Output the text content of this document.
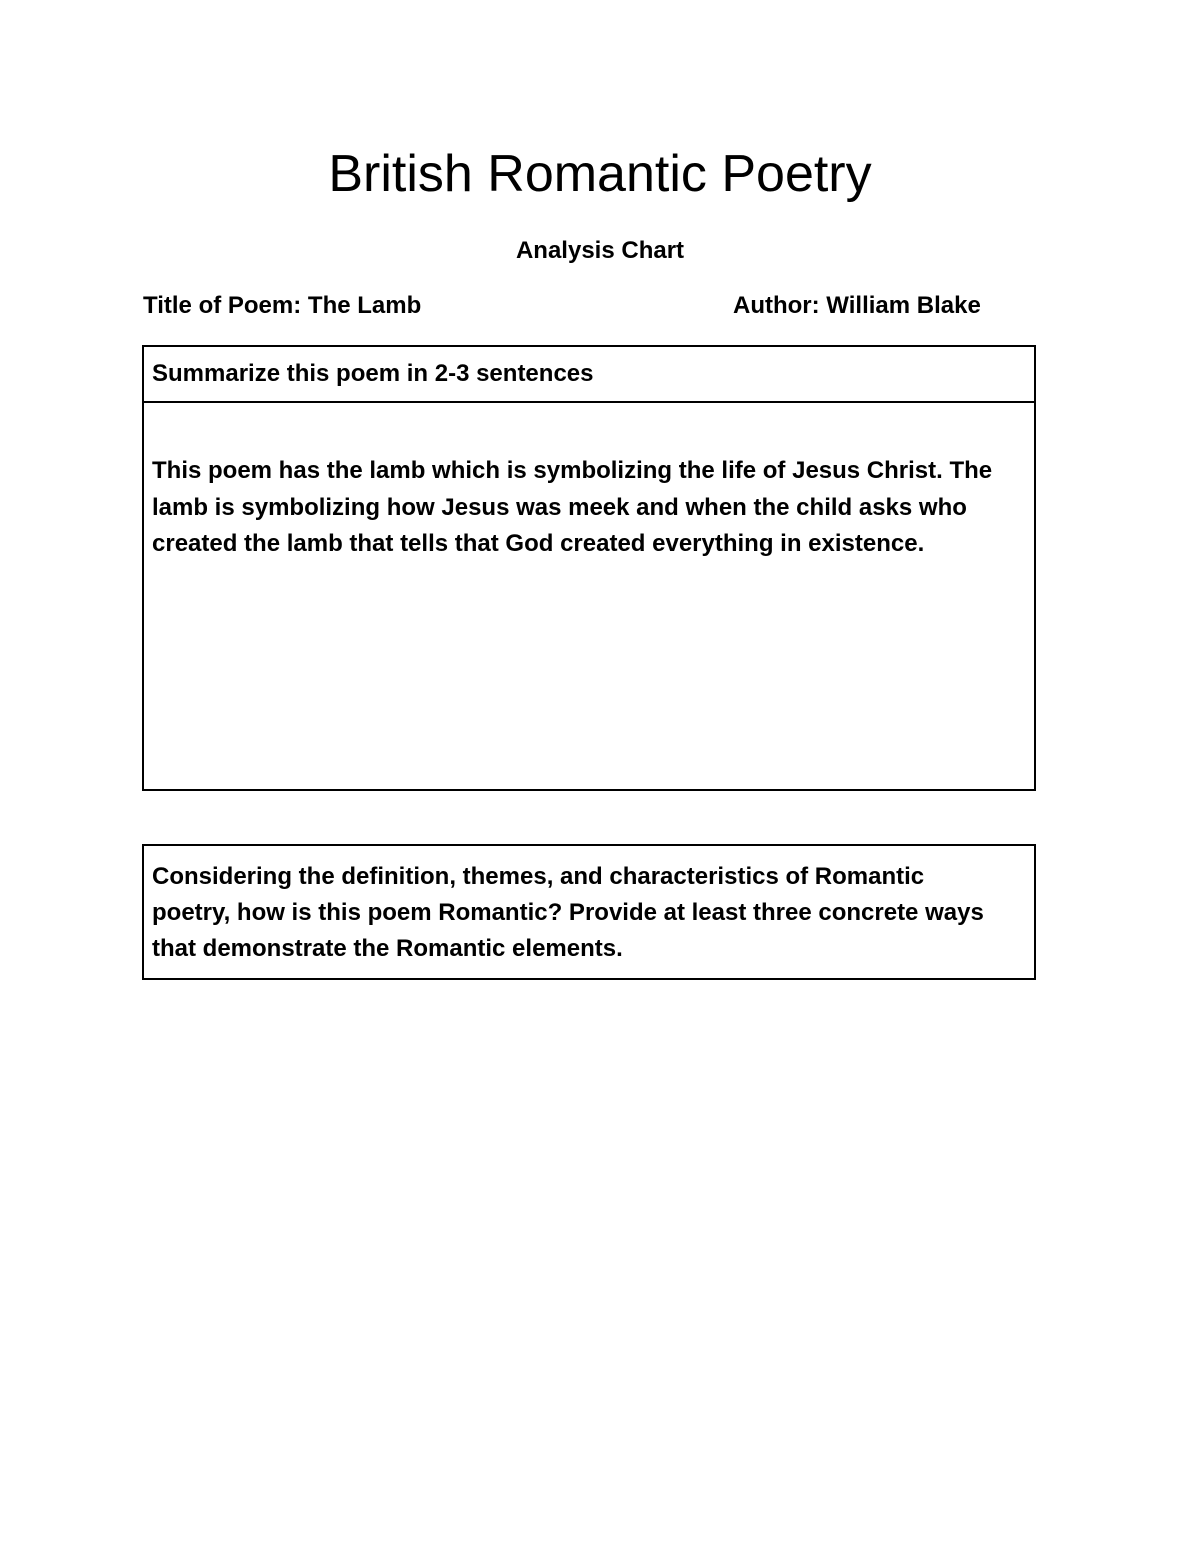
British Romantic Poetry
Analysis Chart
Title of Poem: The Lamb	Author: William Blake
Summarize this poem in 2-3 sentences
This poem has the lamb which is symbolizing the life of Jesus Christ. The lamb is symbolizing how Jesus was meek and when the child asks who created the lamb that tells that God created everything in existence.
Considering the definition, themes, and characteristics of Romantic poetry, how is this poem Romantic? Provide at least three concrete ways that demonstrate the Romantic elements.
